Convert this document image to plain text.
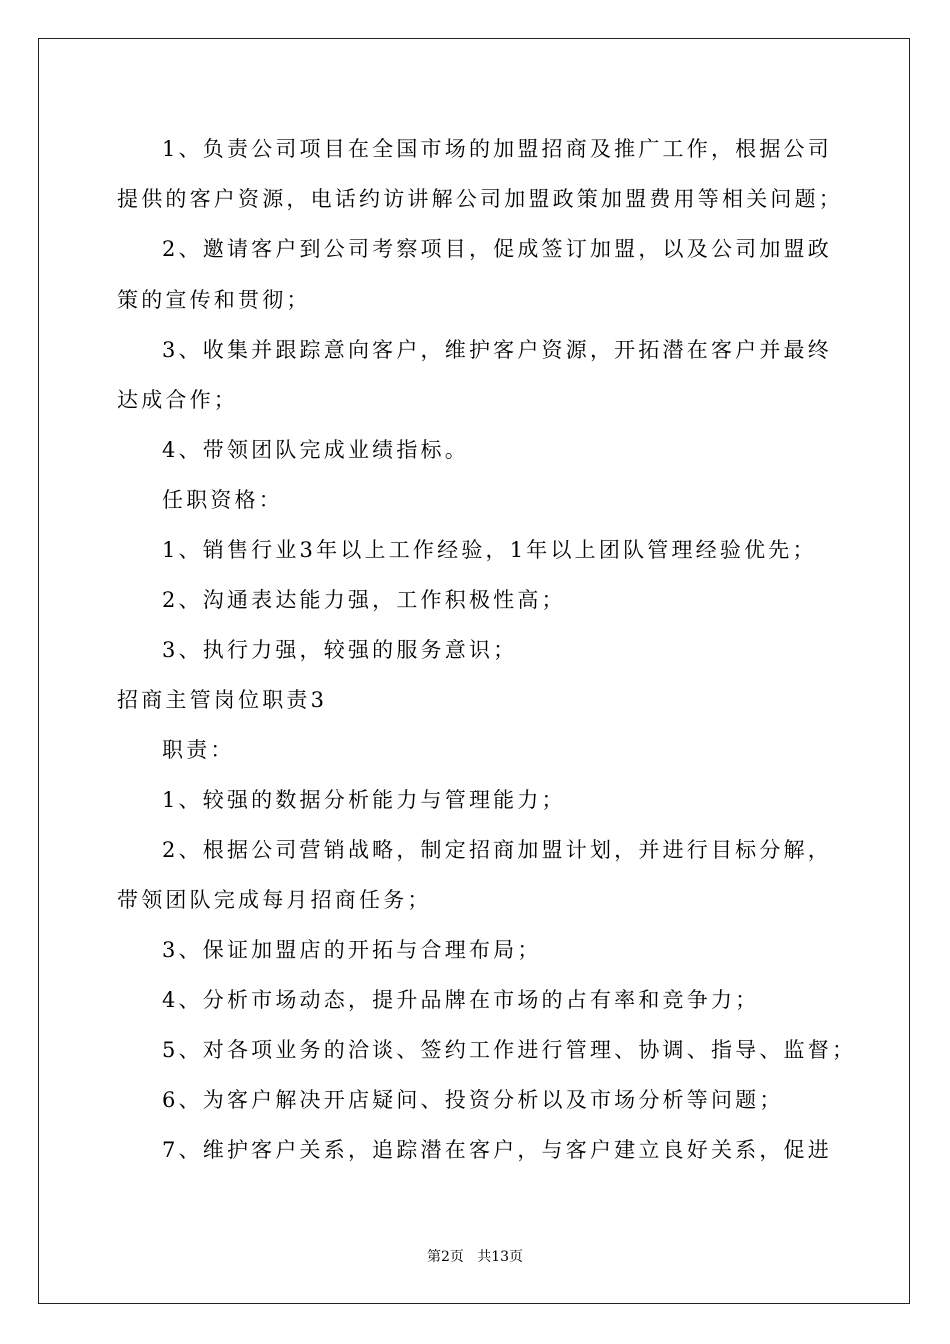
1、负责公司项目在全国市场的加盟招商及推广工作，根据公司
提供的客户资源，电话约访讲解公司加盟政策加盟费用等相关问题；
2、邀请客户到公司考察项目，促成签订加盟，以及公司加盟政
策的宣传和贯彻；
3、收集并跟踪意向客户，维护客户资源，开拓潜在客户并最终
达成合作；
4、带领团队完成业绩指标。
任职资格：
1、销售行业3年以上工作经验，1年以上团队管理经验优先；
2、沟通表达能力强，工作积极性高；
3、执行力强，较强的服务意识；
招商主管岗位职责3
职责：
1、较强的数据分析能力与管理能力；
2、根据公司营销战略，制定招商加盟计划，并进行目标分解，
带领团队完成每月招商任务；
3、保证加盟店的开拓与合理布局；
4、分析市场动态，提升品牌在市场的占有率和竞争力；
5、对各项业务的洽谈、签约工作进行管理、协调、指导、监督；
6、为客户解决开店疑问、投资分析以及市场分析等问题；
7、维护客户关系，追踪潜在客户，与客户建立良好关系，促进
第2页   共13页
